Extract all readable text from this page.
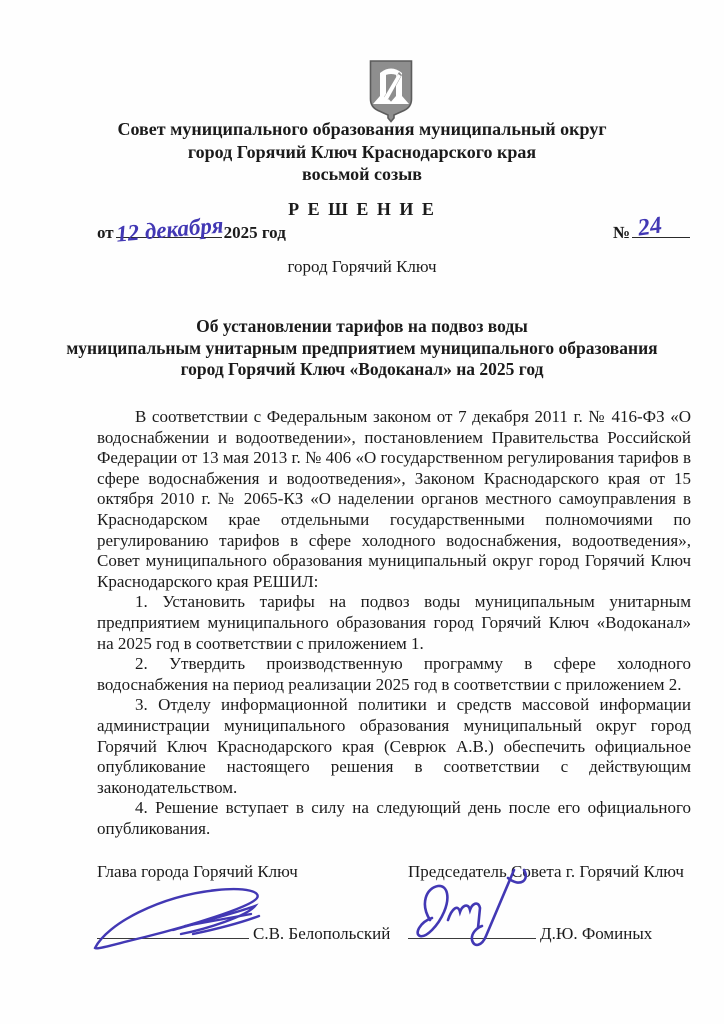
Совет муниципального образования муниципальный округ
город Горячий Ключ Краснодарского края
восьмой созыв
Р Е Ш Е Н И Е
от 12 декабря 2025 год	№ 24
город Горячий Ключ
Об установлении тарифов на подвоз воды
муниципальным унитарным предприятием муниципального образования
город Горячий Ключ «Водоканал» на 2025 год

В соответствии с Федеральным законом от 7 декабря 2011 г. № 416-ФЗ «О водоснабжении и водоотведении», постановлением Правительства Российской Федерации от 13 мая 2013 г. № 406 «О государственном регулирования тарифов в сфере водоснабжения и водоотведения», Законом Краснодарского края от 15 октября 2010 г. № 2065-КЗ «О наделении органов местного самоуправления в Краснодарском крае отдельными государственными полномочиями по регулированию тарифов в сфере холодного водоснабжения, водоотведения», Совет муниципального образования муниципальный округ город Горячий Ключ Краснодарского края РЕШИЛ:

1. Установить тарифы на подвоз воды муниципальным унитарным предприятием муниципального образования город Горячий Ключ «Водоканал» на 2025 год в соответствии с приложением 1.

2. Утвердить производственную программу в сфере холодного водоснабжения на период реализации 2025 год в соответствии с приложением 2.

3. Отделу информационной политики и средств массовой информации администрации муниципального образования муниципальный округ город Горячий Ключ Краснодарского края (Севрюк А.В.) обеспечить официальное опубликование настоящего решения в соответствии с действующим законодательством.

4. Решение вступает в силу на следующий день после его официального опубликования.

Глава города Горячий Ключ
С.В. Белопольский
Председатель Совета г. Горячий Ключ
Д.Ю. Фоминых
